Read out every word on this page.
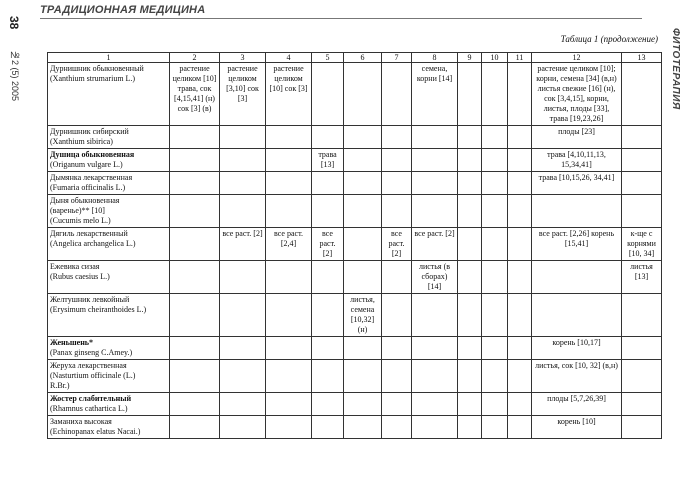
ТРАДИЦИОННАЯ МЕДИЦИНА
38
№2 (5) 2005	ФИТОТЕРАПИЯ
Таблица 1 (продолжение)
1	2	3	4	5	6	7	8	9	10	11	12	13
Дурнишник обыкновенный
(Xanthium strumarium L.)	растение целиком [10] трава, сок [4,15,41] (н) сок [3] (в)	растение целиком [3,10] сок [3]	растение целиком [10] сок [3]				семена, корни [14]				растение целиком [10]; корни, семена [34] (в,н) листья свежие [16] (н), сок [3,4,15], корни, листья, плоды [33], трава [19,23,26]	
Дурнишник сибирский
(Xanthium sibirica)											плоды [23]	
Душица обыкновенная
(Origanum vulgare L.)				трава [13]							трава [4,10,11,13, 15,34,41]	
Дымянка лекарственная
(Fumaria officinalis L.)											трава [10,15,26, 34,41]	
Дыня обыкновенная
(варенье)** [10]
(Cucumis melo L.)												
Дягиль лекарственный
(Angelica archangelica L.)		все раст. [2]	все раст. [2,4]	все раст. [2]		все раст. [2]	все раст. [2]				все раст. [2,26] корень [15,41]	к-ще с корнями [10, 34]
Ежевика сизая
(Rubus caesius L.)							листья (в сборах) [14]					листья [13]
Желтушник левкойный
(Erysimum cheiranthoides L.)					листья, семена [10,32] (н)							
Женьшень*
(Panax ginseng C.Amey.)											корень [10,17]	
Жеруха лекарственная
(Nasturtium officinale (L.)
R.Br.)											листья, сок [10, 32] (в,н)	
Жостер слабительный
(Rhamnus cathartica L.)											плоды [5,7,26,39]	
Заманиха высокая
(Echinopanax elatus Nacai.)											корень [10]	
